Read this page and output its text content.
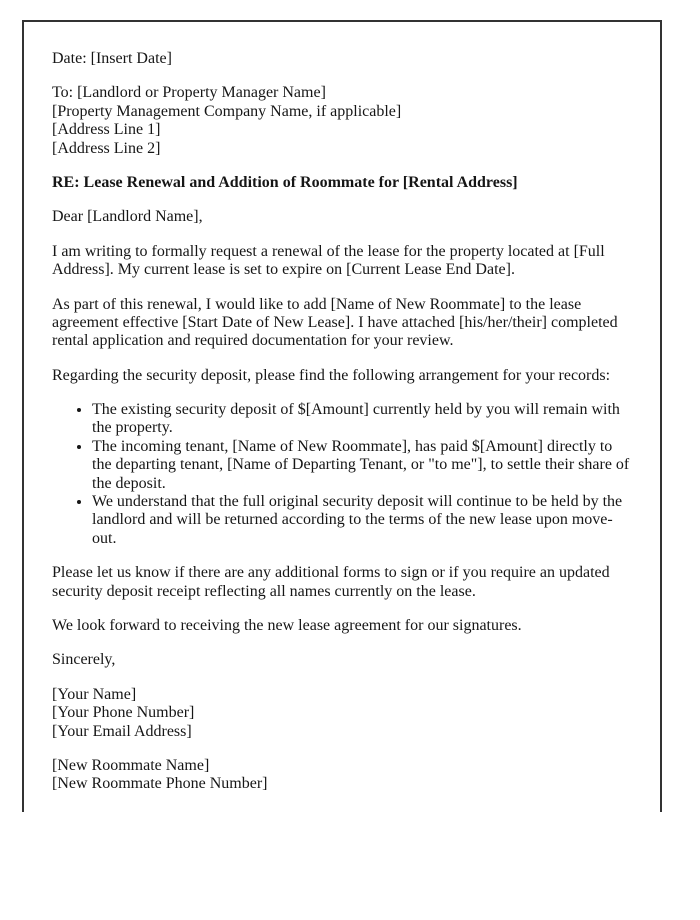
Date: [Insert Date]

To: [Landlord or Property Manager Name]
[Property Management Company Name, if applicable]
[Address Line 1]
[Address Line 2]

RE: Lease Renewal and Addition of Roommate for [Rental Address]

Dear [Landlord Name],

I am writing to formally request a renewal of the lease for the property located at [Full Address]. My current lease is set to expire on [Current Lease End Date].

As part of this renewal, I would like to add [Name of New Roommate] to the lease agreement effective [Start Date of New Lease]. I have attached [his/her/their] completed rental application and required documentation for your review.

Regarding the security deposit, please find the following arrangement for your records:

• The existing security deposit of $[Amount] currently held by you will remain with the property.
• The incoming tenant, [Name of New Roommate], has paid $[Amount] directly to the departing tenant, [Name of Departing Tenant, or "to me"], to settle their share of the deposit.
• We understand that the full original security deposit will continue to be held by the landlord and will be returned according to the terms of the new lease upon move-out.

Please let us know if there are any additional forms to sign or if you require an updated security deposit receipt reflecting all names currently on the lease.

We look forward to receiving the new lease agreement for our signatures.

Sincerely,

[Your Name]
[Your Phone Number]
[Your Email Address]

[New Roommate Name]
[New Roommate Phone Number]
